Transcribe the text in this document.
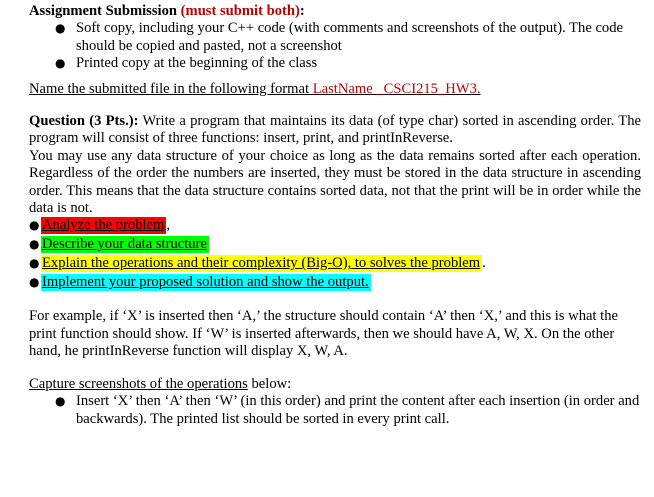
Assignment Submission (must submit both):

● Soft copy, including your C++ code (with comments and screenshots of the output). The code should be copied and pasted, not a screenshot
● Printed copy at the beginning of the class

Name the submitted file in the following format LastName _CSCI215_HW3.

Question (3 Pts.): Write a program that maintains its data (of type char) sorted in ascending order. The program will consist of three functions: insert, print, and printInReverse.
You may use any data structure of your choice as long as the data remains sorted after each operation. Regardless of the order the numbers are inserted, they must be stored in the data structure in ascending order. This means that the data structure contains sorted data, not that the print will be in order while the data is not.
● Analyze the problem ,
● Describe your data structure
● Explain the operations and their complexity (Big-O), to solves the problem .
● Implement your proposed solution and show the output.
For example, if ‘X’ is inserted then ‘A,’ the structure should contain ‘A’ then ‘X,’ and this is what the print function should show. If ‘W’ is inserted afterwards, then we should have A, W, X. On the other hand, he printInReverse function will display X, W, A.
Capture screenshots of the operations below:
● Insert ‘X’ then ‘A’ then ‘W’ (in this order) and print the content after each insertion (in order and backwards). The printed list should be sorted in every print call.
